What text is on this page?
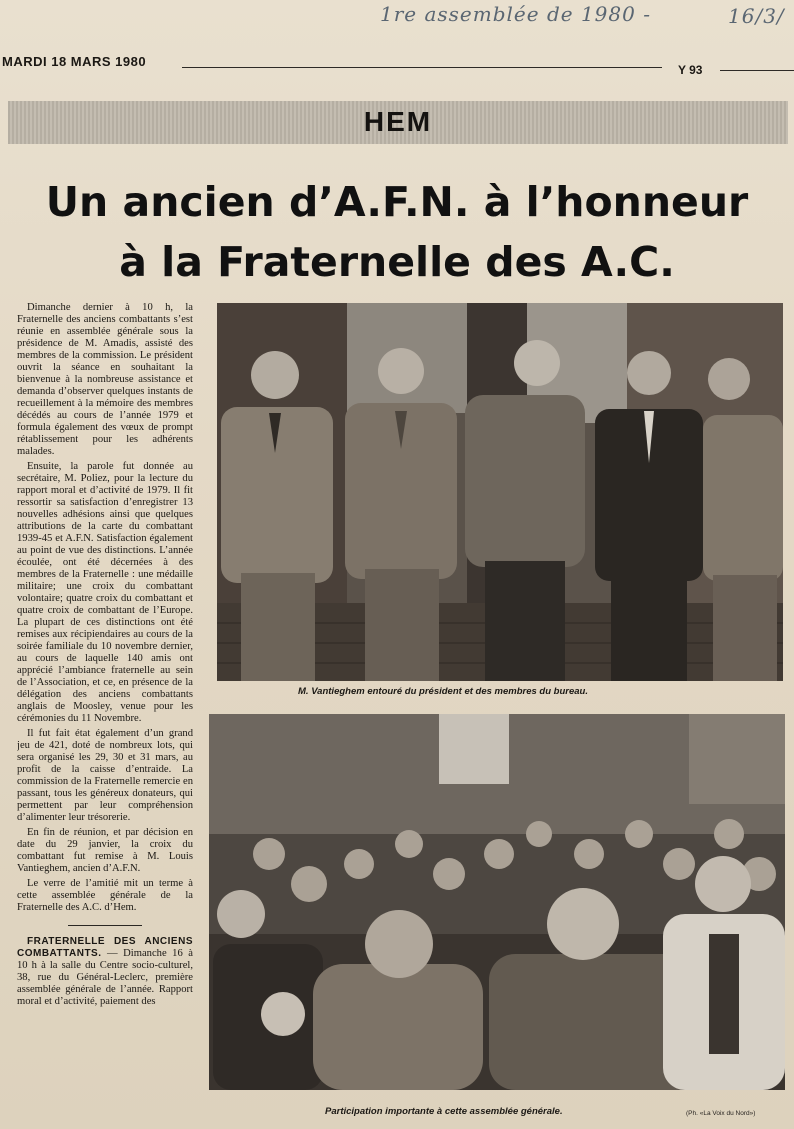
1re assemblée de 1980 -	16/3/
MARDI 18 MARS 1980
Y 93
HEM
Un ancien d’A.F.N. à l’honneur
à la Fraternelle des A.C.

Dimanche dernier à 10 h, la Fraternelle des anciens combattants s’est réunie en assemblée générale sous la présidence de M. Amadis, assisté des membres de la commission. Le président ouvrit la séance en souhaitant la bienvenue à la nombreuse assistance et demanda d’observer quelques instants de recueillement à la mémoire des membres décédés au cours de l’année 1979 et formula également des vœux de prompt rétablissement pour les adhérents malades.

Ensuite, la parole fut donnée au secrétaire, M. Poliez, pour la lecture du rapport moral et d’activité de 1979. Il fit ressortir sa satisfaction d’enregistrer 13 nouvelles adhésions ainsi que quelques attributions de la carte du combattant 1939-45 et A.F.N. Satisfaction également au point de vue des distinctions. L’année écoulée, ont été décernées à des membres de la Fraternelle : une médaille militaire; une croix du combattant volontaire; quatre croix du combattant et quatre croix de combattant de l’Europe. La plupart de ces distinctions ont été remises aux récipiendaires au cours de la soirée familiale du 10 novembre dernier, au cours de laquelle 140 amis ont apprécié l’ambiance fraternelle au sein de l’Association, et ce, en présence de la délégation des anciens combattants anglais de Moosley, venue pour les cérémonies du 11 Novembre.

Il fut fait état également d’un grand jeu de 421, doté de nombreux lots, qui sera organisé les 29, 30 et 31 mars, au profit de la caisse d’entraide. La commission de la Fraternelle remercie en passant, tous les généreux donateurs, qui permettent par leur compréhension d’alimenter leur trésorerie.

En fin de réunion, et par décision en date du 29 janvier, la croix du combattant fut remise à M. Louis Vantieghem, ancien d’A.F.N.

Le verre de l’amitié mit un terme à cette assemblée générale de la Fraternelle des A.C. d’Hem.

FRATERNELLE DES ANCIENS COMBATTANTS. — Dimanche 16 à 10 h à la salle du Centre socio-culturel, 38, rue du Général-Leclerc, première assemblée générale de l’année. Rapport moral et d’activité, paiement des

M. Vantieghem entouré du président et des membres du bureau.
Participation importante à cette assemblée générale.	(Ph. «La Voix du Nord»)
